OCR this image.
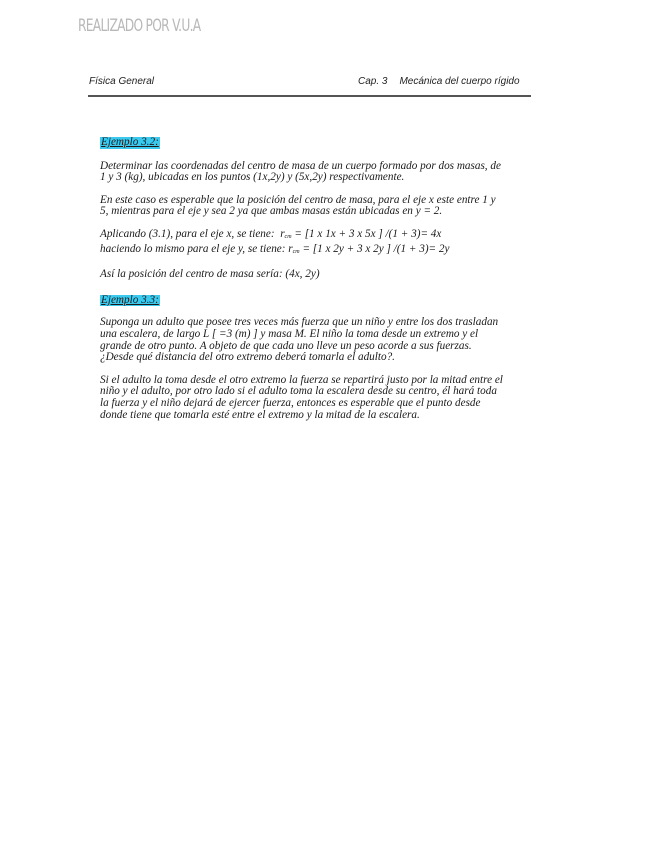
REALIZADO POR V.U.A
Física General	Cap. 3 Mecánica del cuerpo rígido

Ejemplo 3.2:

Determinar las coordenadas del centro de masa de un cuerpo formado por dos masas, de
1 y 3 (kg), ubicadas en los puntos (1x,2y) y (5x,2y) respectivamente.
En este caso es esperable que la posición del centro de masa, para el eje x este entre 1 y
5, mientras para el eje y sea 2 ya que ambas masas están ubicadas en y = 2.
Aplicando (3.1), para el eje x, se tiene: rcm = [1 x 1x + 3 x 5x ] /(1 + 3)= 4x
haciendo lo mismo para el eje y, se tiene: rcm = [1 x 2y + 3 x 2y ] /(1 + 3)= 2y
Así la posición del centro de masa sería: (4x, 2y)

Ejemplo 3.3:

Suponga un adulto que posee tres veces más fuerza que un niño y entre los dos trasladan
una escalera, de largo L [ =3 (m) ] y masa M. El niño la toma desde un extremo y el
grande de otro punto. A objeto de que cada uno lleve un peso acorde a sus fuerzas.
¿Desde qué distancia del otro extremo deberá tomarla el adulto?.
Si el adulto la toma desde el otro extremo la fuerza se repartirá justo por la mitad entre el
niño y el adulto, por otro lado si el adulto toma la escalera desde su centro, él hará toda
la fuerza y el niño dejará de ejercer fuerza, entonces es esperable que el punto desde
donde tiene que tomarla esté entre el extremo y la mitad de la escalera.
